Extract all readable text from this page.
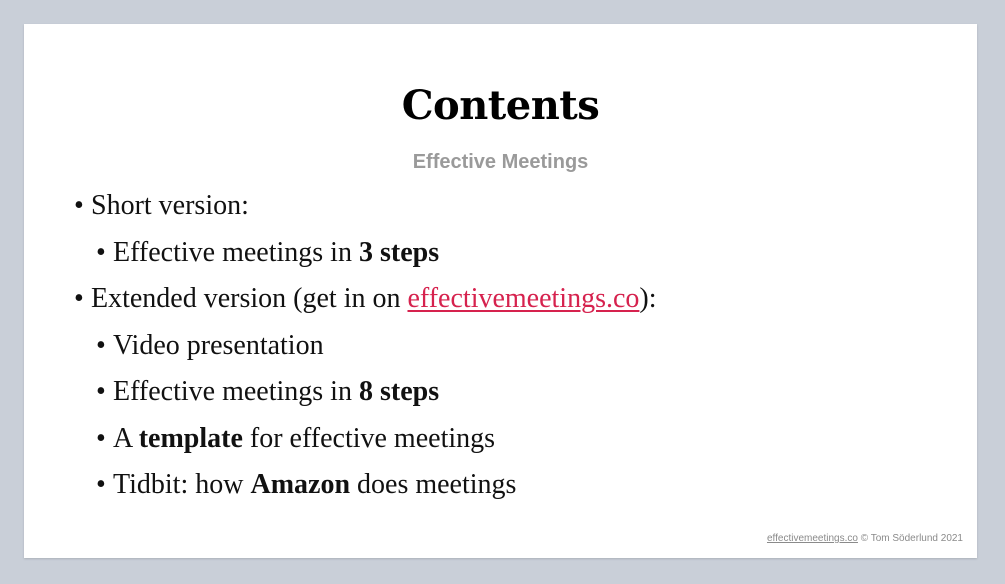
Contents
Effective Meetings
• Short version:
• Effective meetings in 3 steps
• Extended version (get in on effectivemeetings.co):
• Video presentation
• Effective meetings in 8 steps
• A template for effective meetings
• Tidbit: how Amazon does meetings
effectivemeetings.co © Tom Söderlund 2021
